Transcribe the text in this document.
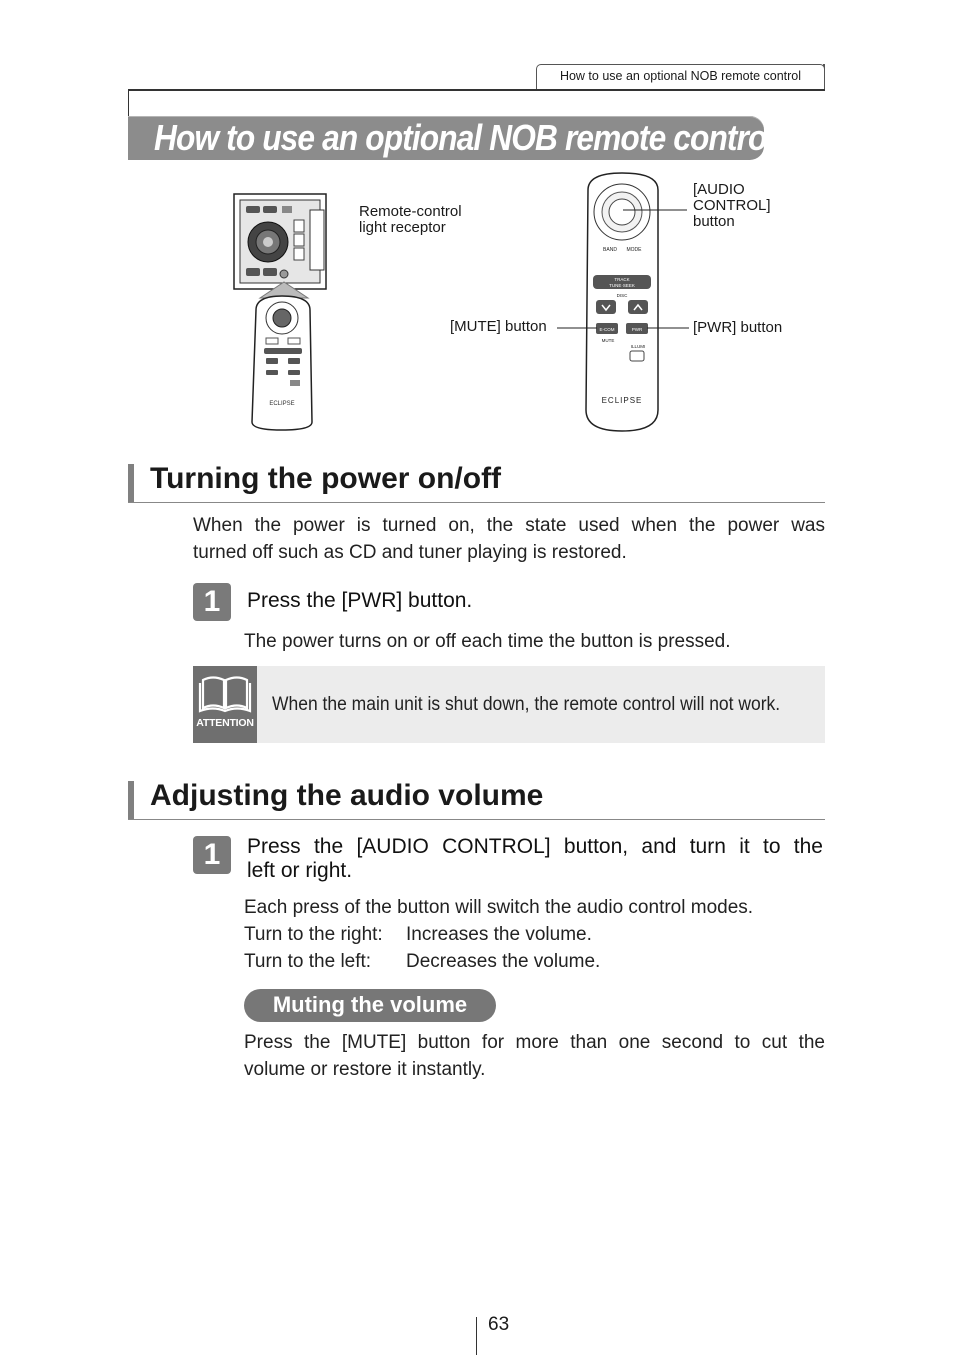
How to use an optional NOB remote control
How to use an optional NOB remote control
ECLIPSE
Remote-control light receptor
BAND MODE
TRACK
TUNE·SEEK
DISC
E-COM	PWR
MUTE
ILLUMI
ECLIPSE
[AUDIO CONTROL] button
[MUTE] button	[PWR] button
Turning the power on/off
When the power is turned on, the state used when the power was
turned off such as CD and tuner playing is restored.
1	Press the [PWR] button.
The power turns on or off each time the button is pressed.
ATTENTION
When the main unit is shut down, the remote control will not work.
Adjusting the audio volume
1	Press the [AUDIO CONTROL] button, and turn it to the
left or right.
Each press of the button will switch the audio control modes.
Turn to the right: Increases the volume.
Turn to the left: Decreases the volume.
Muting the volume
Press the [MUTE] button for more than one second to cut the
volume or restore it instantly.
63
